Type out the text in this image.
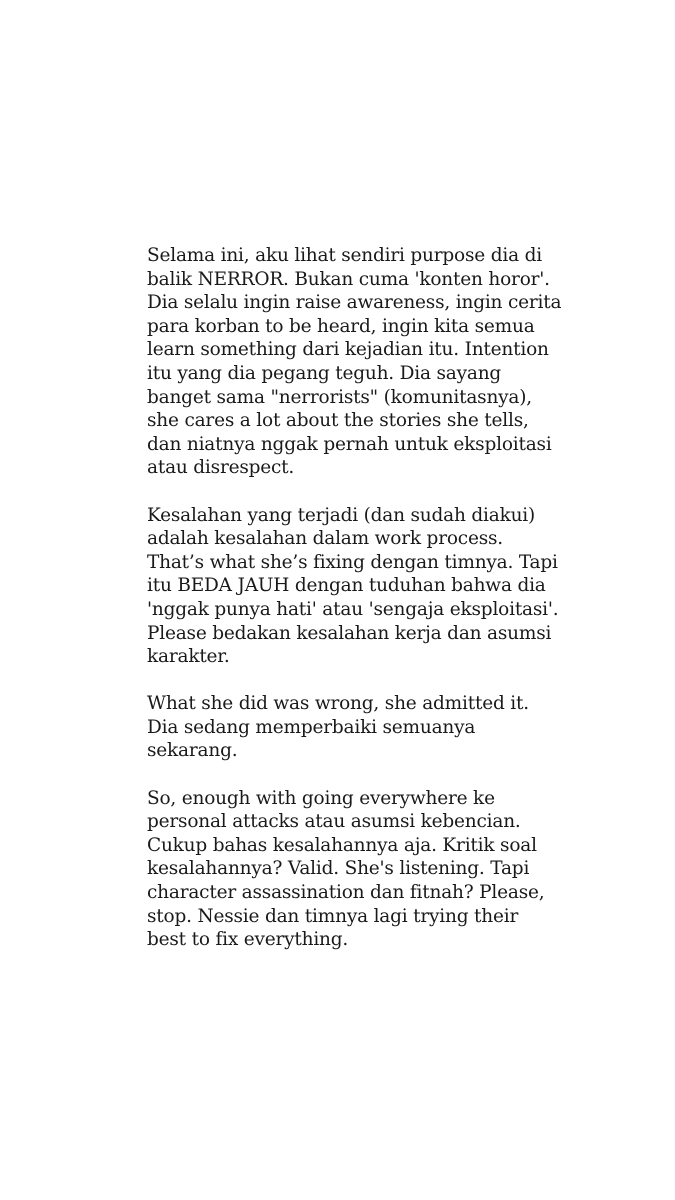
Selama ini, aku lihat sendiri purpose dia di
balik NERROR. Bukan cuma 'konten horor'.
Dia selalu ingin raise awareness, ingin cerita
para korban to be heard, ingin kita semua
learn something dari kejadian itu. Intention
itu yang dia pegang teguh. Dia sayang
banget sama "nerrorists" (komunitasnya),
she cares a lot about the stories she tells,
dan niatnya nggak pernah untuk eksploitasi
atau disrespect.

Kesalahan yang terjadi (dan sudah diakui)
adalah kesalahan dalam work process.
That’s what she’s fixing dengan timnya. Tapi
itu BEDA JAUH dengan tuduhan bahwa dia
'nggak punya hati' atau 'sengaja eksploitasi'.
Please bedakan kesalahan kerja dan asumsi
karakter.

What she did was wrong, she admitted it.
Dia sedang memperbaiki semuanya
sekarang.

So, enough with going everywhere ke
personal attacks atau asumsi kebencian.
Cukup bahas kesalahannya aja. Kritik soal
kesalahannya? Valid. She's listening. Tapi
character assassination dan fitnah? Please,
stop. Nessie dan timnya lagi trying their
best to fix everything.
